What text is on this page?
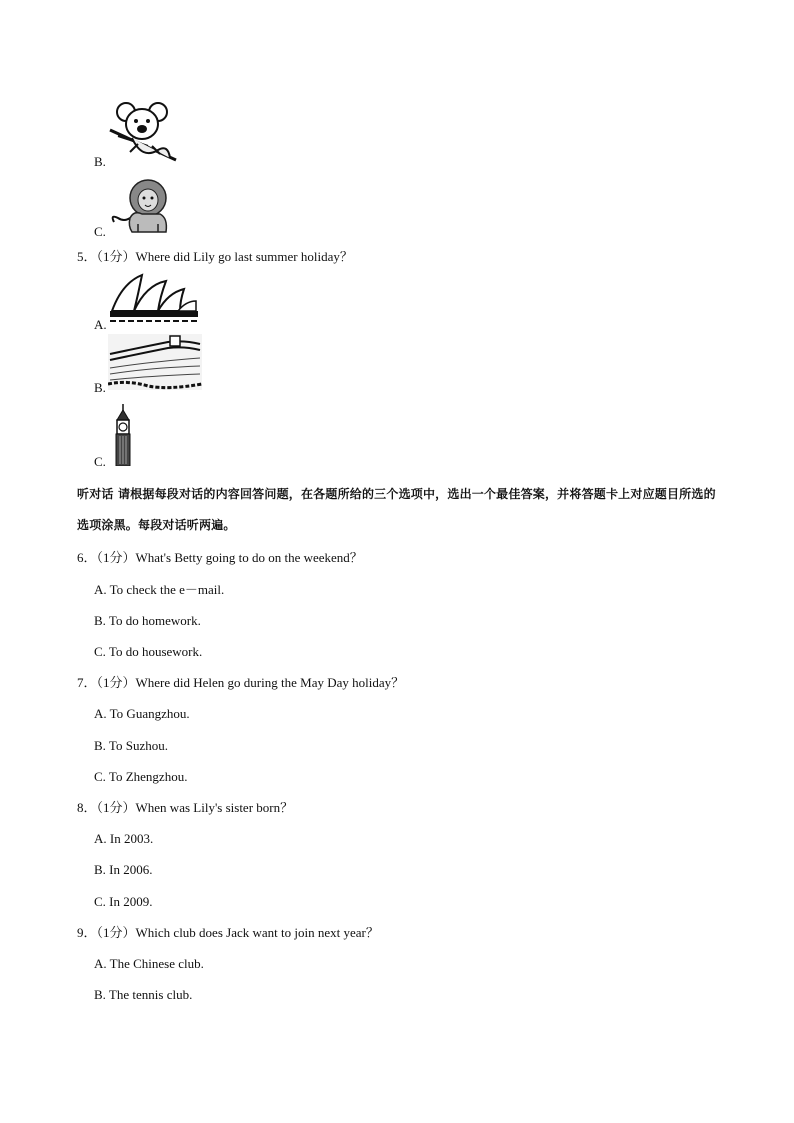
B.
C.
5．（1分）Where did Lily go last summer holiday？
A.
B.
C.
听对话 请根据每段对话的内容回答问题，在各题所给的三个选项中，选出一个最佳答案，并将答题卡上对应题目所选的选项涂黑。每段对话听两遍。
6．（1分）What's Betty going to do on the weekend？
A. To check the e－mail.
B. To do homework.
C. To do housework.
7．（1分）Where did Helen go during the May Day holiday？
A. To Guangzhou.
B. To Suzhou.
C. To Zhengzhou.
8．（1分）When was Lily's sister born？
A. In 2003.
B. In 2006.
C. In 2009.
9．（1分）Which club does Jack want to join next year？
A. The Chinese club.
B. The tennis club.
